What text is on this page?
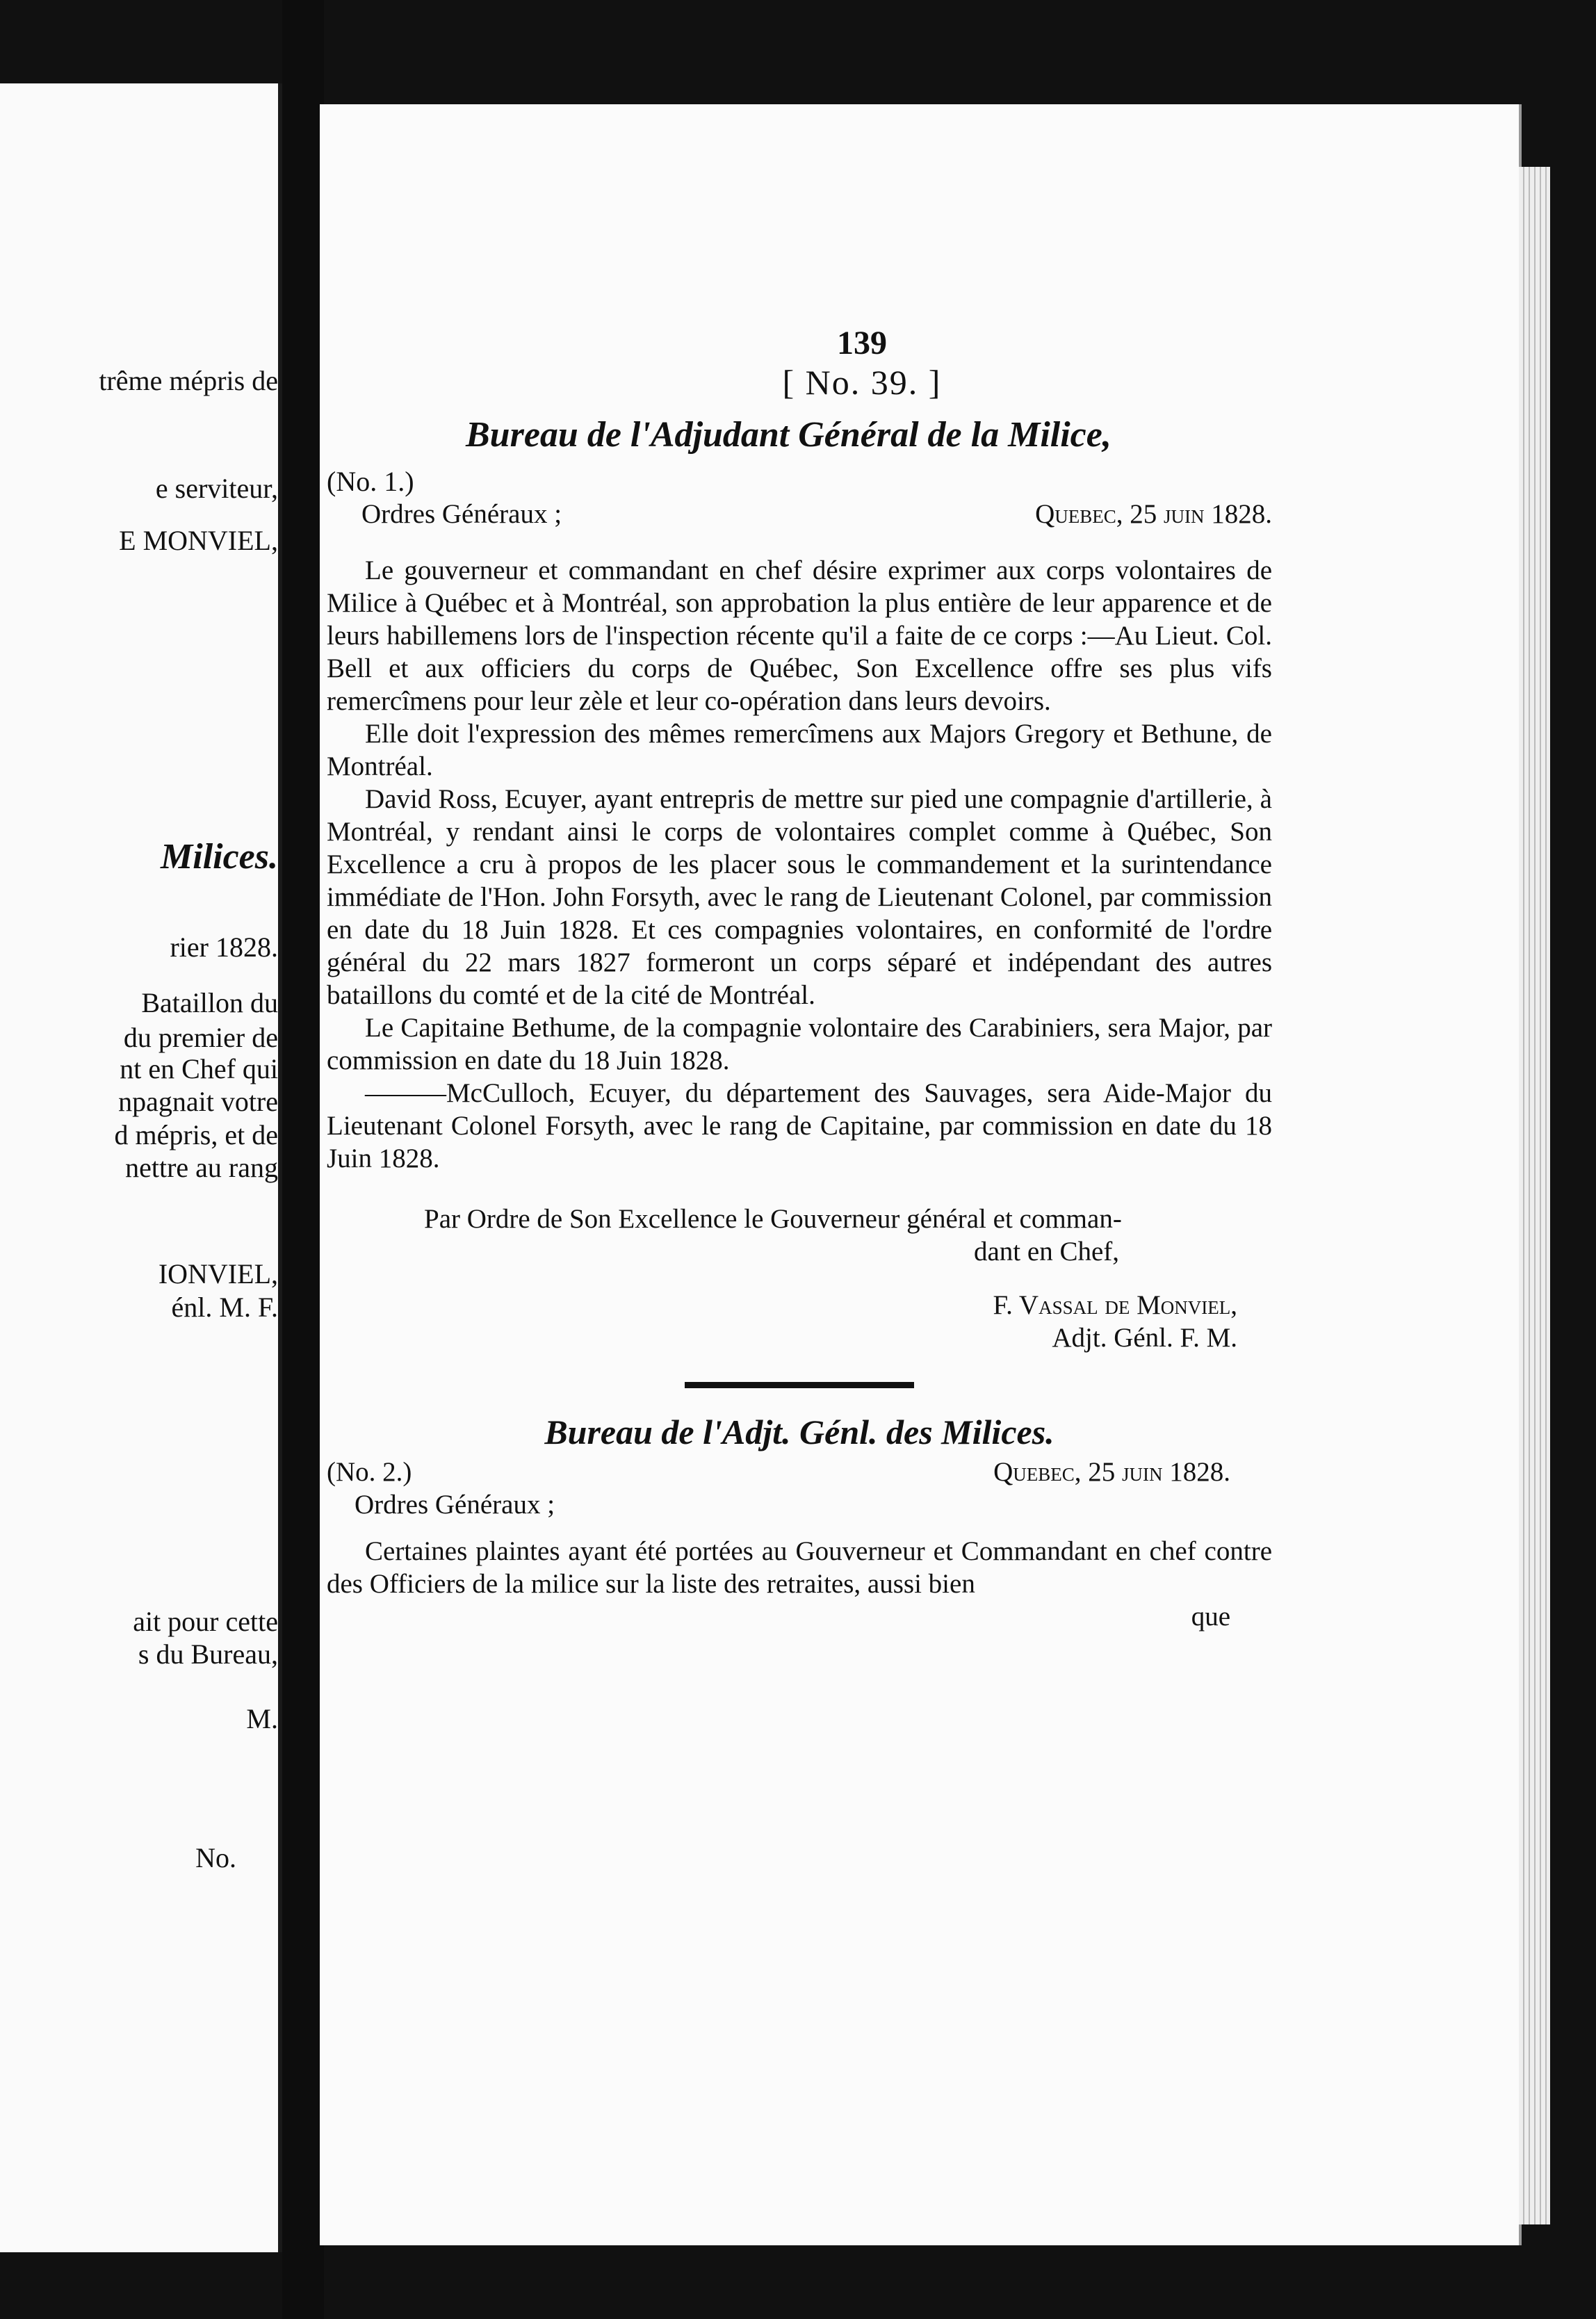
trême mépris de
e serviteur,
E MONVIEL,
Milices.
rier 1828.
Bataillon du
du premier de
nt en Chef qui
npagnait votre
d mépris, et de
nettre au rang
IONVIEL,
énl. M. F.
ait pour cette
s du Bureau,
M.
No.
139
[ No. 39. ]
Bureau de l'Adjudant Général de la Milice,
(No. 1.)
Ordres Généraux ;	Quebec, 25 juin 1828.

Le gouverneur et commandant en chef désire exprimer aux corps volontaires de Milice à Québec et à Montréal, son approbation la plus entière de leur apparence et de leurs habillemens lors de l'inspection récente qu'il a faite de ce corps :—Au Lieut. Col. Bell et aux officiers du corps de Québec, Son Excellence offre ses plus vifs remercîmens pour leur zèle et leur co-opération dans leurs devoirs.

Elle doit l'expression des mêmes remercîmens aux Majors Gregory et Bethune, de Montréal.

David Ross, Ecuyer, ayant entrepris de mettre sur pied une compagnie d'artillerie, à Montréal, y rendant ainsi le corps de volontaires complet comme à Québec, Son Excellence a cru à propos de les placer sous le commandement et la surintendance immédiate de l'Hon. John Forsyth, avec le rang de Lieutenant Colonel, par commission en date du 18 Juin 1828. Et ces compagnies volontaires, en conformité de l'ordre général du 22 mars 1827 formeront un corps séparé et indépendant des autres bataillons du comté et de la cité de Montréal.

Le Capitaine Bethume, de la compagnie volontaire des Carabiniers, sera Major, par commission en date du 18 Juin 1828.

———McCulloch, Ecuyer, du département des Sauvages, sera Aide-Major du Lieutenant Colonel Forsyth, avec le rang de Capitaine, par commission en date du 18 Juin 1828.

Par Ordre de Son Excellence le Gouverneur général et comman-
dant en Chef,
F. Vassal de Monviel,
Adjt. Génl. F. M.
Bureau de l'Adjt. Génl. des Milices.
(No. 2.)	Quebec, 25 juin 1828.
Ordres Généraux ;

Certaines plaintes ayant été portées au Gouverneur et Commandant en chef contre des Officiers de la milice sur la liste des retraites, aussi bien

que
